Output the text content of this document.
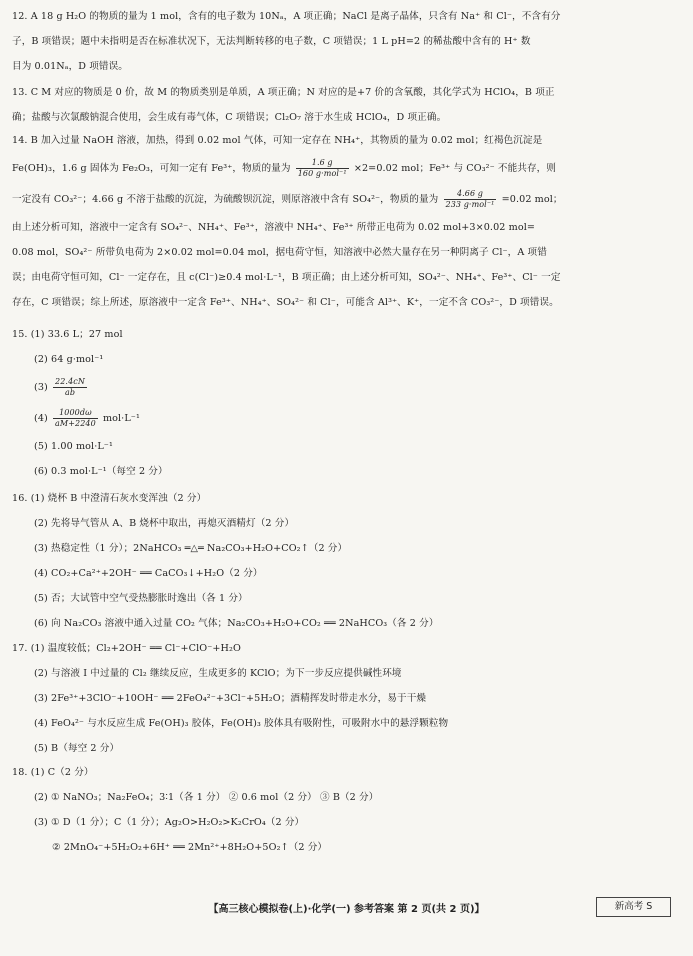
12. A 18 g H₂O 的物质的量为 1 mol，含有的电子数为 10Nₐ，A 项正确；NaCl 是离子晶体，只含有 Na⁺ 和 Cl⁻，不含有分
子，B 项错误；题中未指明是否在标准状况下，无法判断转移的电子数，C 项错误；1 L pH=2 的稀盐酸中含有的 H⁺ 数
目为 0.01Nₐ，D 项错误。
13. C M 对应的物质是 0 价，故 M 的物质类别是单质，A 项正确；N 对应的是+7 价的含氧酸，其化学式为 HClO₄，B 项正
确；盐酸与次氯酸钠混合使用，会生成有毒气体，C 项错误；Cl₂O₇ 溶于水生成 HClO₄，D 项正确。
14. B 加入过量 NaOH 溶液，加热，得到 0.02 mol 气体，可知一定存在 NH₄⁺，其物质的量为 0.02 mol；红褐色沉淀是
Fe(OH)₃，1.6 g 固体为 Fe₂O₃，可知一定有 Fe³⁺，物质的量为 $\frac{1.6 g}{\text{160 g·mol⁻¹}} \times 2=0.02$ mol；Fe³⁺ 与 CO₃²⁻ 不能共存，则
一定没有 CO₃²⁻；4.66 g 不溶于盐酸的沉淀，为硫酸钡沉淀，则原溶液中含有 SO₄²⁻，物质的量为 $\frac{4.66 g}{\text{233 g·mol⁻¹}} =0.02$ mol；
由上述分析可知，溶液中一定含有 SO₄²⁻、NH₄⁺、Fe³⁺，溶液中 NH₄⁺、Fe³⁺ 所带正电荷为 0.02 mol+3×0.02 mol=
0.08 mol，SO₄²⁻ 所带负电荷为 2×0.02 mol=0.04 mol，据电荷守恒，知溶液中必然大量存在另一种阴离子 Cl⁻，A 项错
误；由电荷守恒可知，Cl⁻ 一定存在，且 c(Cl⁻)≥0.4 mol·L⁻¹，B 项正确；由上述分析可知，SO₄²⁻、NH₄⁺、Fe³⁺、Cl⁻ 一定
存在，C 项错误；综上所述，原溶液中一定含 Fe³⁺、NH₄⁺、SO₄²⁻ 和 Cl⁻，可能含 Al³⁺、K⁺，一定不含 CO₃²⁻，D 项错误。
15. (1) 33.6 L；27 mol
(2) 64 g·mol⁻¹
$(3) \frac{22.4cN}{ab}$
$(4) \frac{1000d\omega}{aM+2240} mol\cdot L^{-1}$
(5) 1.00 mol·L⁻¹
(6) 0.3 mol·L⁻¹（每空 2 分）
16. (1) 烧杯 B 中澄清石灰水变浑浊（2 分）
(2) 先将导气管从 A、B 烧杯中取出，再熄灭酒精灯（2 分）
(3) 热稳定性（1 分）；2NaHCO₃ ═△═ Na₂CO₃+H₂O+CO₂↑（2 分）
(4) CO₂+Ca²⁺+2OH⁻ ══ CaCO₃↓+H₂O（2 分）
(5) 否；大试管中空气受热膨胀时逸出（各 1 分）
(6) 向 Na₂CO₃ 溶液中通入过量 CO₂ 气体；Na₂CO₃+H₂O+CO₂ ══ 2NaHCO₃（各 2 分）
17. (1) 温度较低；Cl₂+2OH⁻ ══ Cl⁻+ClO⁻+H₂O
(2) 与溶液 I 中过量的 Cl₂ 继续反应，生成更多的 KClO；为下一步反应提供碱性环境
(3) 2Fe³⁺+3ClO⁻+10OH⁻ ══ 2FeO₄²⁻+3Cl⁻+5H₂O；酒精挥发时带走水分，易于干燥
(4) FeO₄²⁻ 与水反应生成 Fe(OH)₃ 胶体，Fe(OH)₃ 胶体具有吸附性，可吸附水中的悬浮颗粒物
(5) B（每空 2 分）
18. (1) C（2 分）
(2) ① NaNO₃；Na₂FeO₄；3∶1（各 1 分） ② 0.6 mol（2 分） ③ B（2 分）
(3) ① D（1 分）；C（1 分）；Ag₂O>H₂O₂>K₂CrO₄（2 分）
② 2MnO₄⁻+5H₂O₂+6H⁺ ══ 2Mn²⁺+8H₂O+5O₂↑（2 分）
【高三核心模拟卷(上)·化学(一) 参考答案 第 2 页(共 2 页)】	新高考 S
